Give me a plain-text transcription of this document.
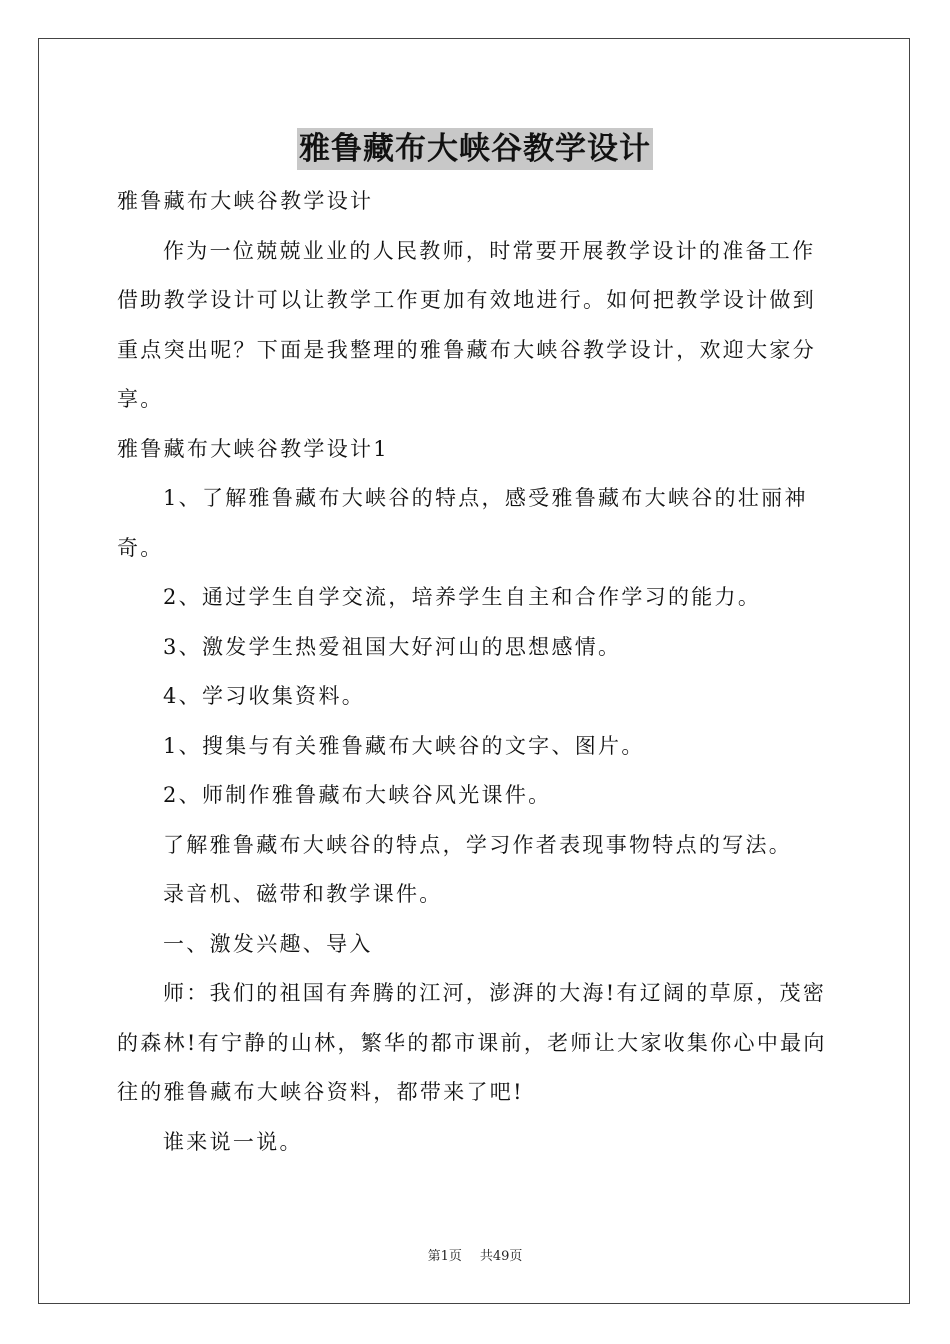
雅鲁藏布大峡谷教学设计

雅鲁藏布大峡谷教学设计

作为一位兢兢业业的人民教师，时常要开展教学设计的准备工作借助教学设计可以让教学工作更加有效地进行。如何把教学设计做到重点突出呢？下面是我整理的雅鲁藏布大峡谷教学设计，欢迎大家分享。

雅鲁藏布大峡谷教学设计1

1、了解雅鲁藏布大峡谷的特点，感受雅鲁藏布大峡谷的壮丽神奇。

2、通过学生自学交流，培养学生自主和合作学习的能力。

3、激发学生热爱祖国大好河山的思想感情。

4、学习收集资料。

1、搜集与有关雅鲁藏布大峡谷的文字、图片。

2、师制作雅鲁藏布大峡谷风光课件。

了解雅鲁藏布大峡谷的特点，学习作者表现事物特点的写法。

录音机、磁带和教学课件。

一、激发兴趣、导入

师：我们的祖国有奔腾的江河，澎湃的大海!有辽阔的草原，茂密的森林!有宁静的山林，繁华的都市课前，老师让大家收集你心中最向往的雅鲁藏布大峡谷资料，都带来了吧!

谁来说一说。

第1页 共49页
